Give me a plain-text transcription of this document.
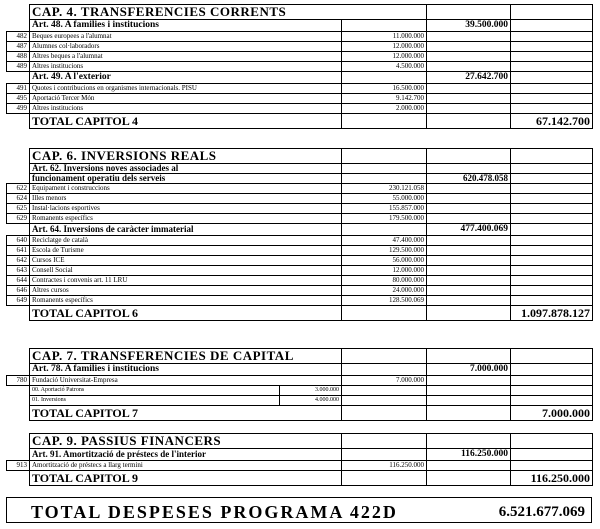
	CAP. 4. TRANSFERENCIES CORRENTS			
	Art. 48. A families i institucions		39.500.000	
482	Beques europees a l'alumnat	11.000.000		
487	Alumnes col·laboradors	12.000.000		
488	Altres beques a l'alumnat	12.000.000		
489	Altres institucions	4.500.000		
	Art. 49. A l'exterior		27.642.700	
491	Quotes i contribucions en organismes internacionals. PISU	16.500.000		
495	Aportació Tercer Món	9.142.700		
499	Altres institucions	2.000.000		
	TOTAL CAPITOL 4			67.142.700
	CAP. 6. INVERSIONS REALS			
	Art. 62. Inversions noves associades al			
	funcionament operatiu dels serveis		620.478.058	
622	Equipament i construccions	230.121.058		
624	Illes menors	55.000.000		
625	Instal·lacions esportives	155.857.000		
629	Romanents específics	179.500.000		
	Art. 64. Inversions de caràcter immaterial		477.400.069	
640	Reciclatge de català	47.400.000		
641	Escola de Turisme	129.500.000		
642	Cursos ICE	56.000.000		
643	Consell Social	12.000.000		
644	Contractes i convenis art. 11 LRU	80.000.000		
646	Altres cursos	24.000.000		
649	Romanents específics	128.500.069		
	TOTAL CAPITOL 6			1.097.878.127
	CAP. 7. TRANSFERENCIES DE CAPITAL				
	Art. 78. A families i institucions			7.000.000	
780	Fundació Universitat-Empresa		7.000.000		
	00. Aportació Patrons	3.000.000			
	01. Inversions	4.000.000			
	TOTAL CAPITOL 7				7.000.000
	CAP. 9. PASSIUS FINANCERS			
	Art. 91. Amortització de préstecs de l'interior		116.250.000	
913	Amortització de préstecs a llarg termini	116.250.000		
	TOTAL CAPITOL 9			116.250.000
TOTAL DESPESES PROGRAMA 422D	6.521.677.069
